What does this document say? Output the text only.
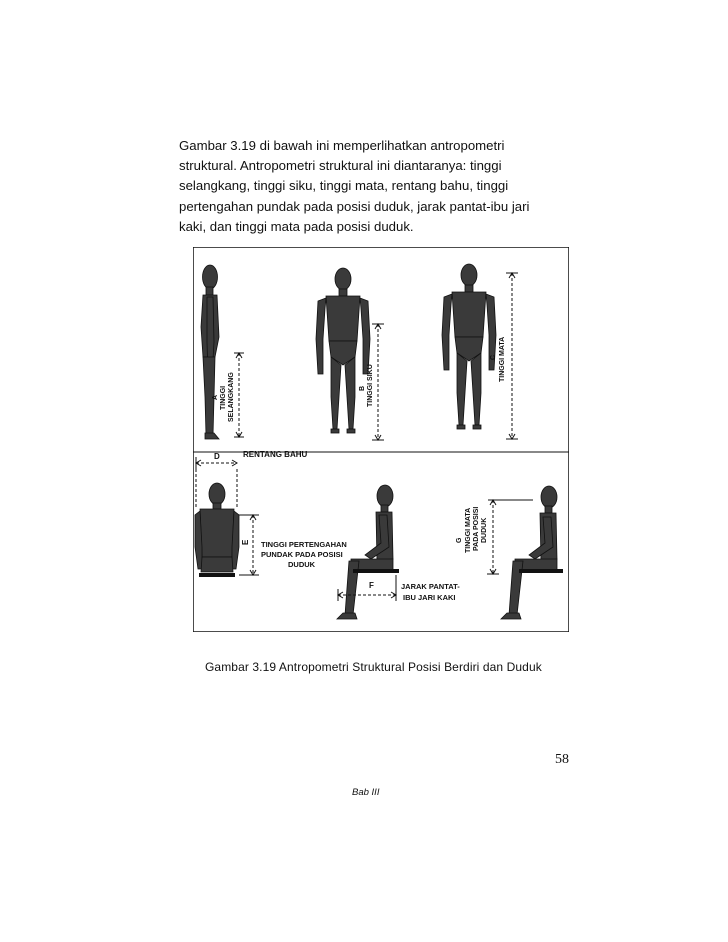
Gambar 3.19 di bawah ini memperlihatkan antropometri struktural. Antropometri struktural ini diantaranya: tinggi selangkang, tinggi siku, tinggi mata, rentang bahu, tinggi pertengahan pundak pada posisi duduk, jarak pantat-ibu jari kaki, dan tinggi mata pada posisi duduk.

A TINGGI SELANGKANG	B TINGGI SIKU
C TINGGI MATA
D	RENTANG BAHU
E TINGGI PERTENGAHAN
PUNDAK PADA POSISI
DUDUK
F	JARAK PANTAT-
IBU JARI KAKI
G TINGGI MATA PADA POSISI DUDUK
Gambar 3.19 Antropometri Struktural Posisi Berdiri dan Duduk
58
Bab III
